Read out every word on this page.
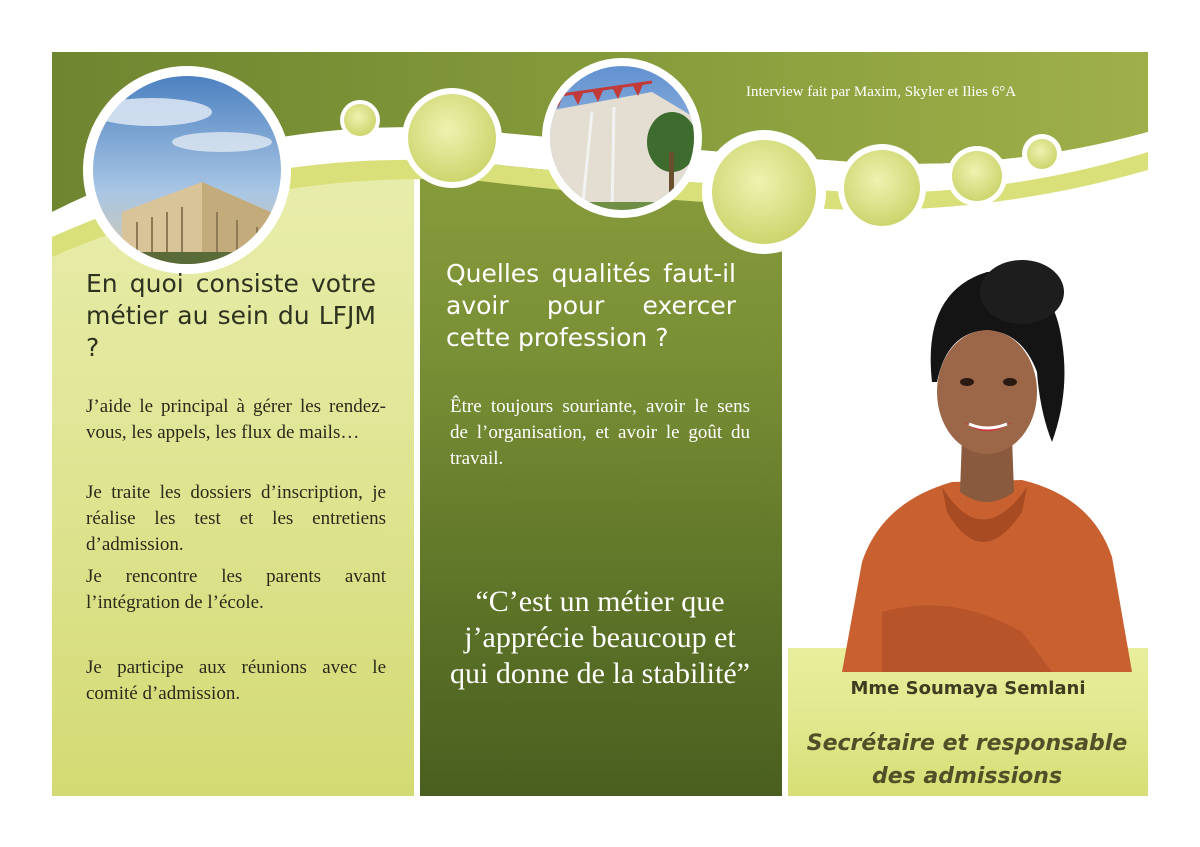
Interview fait par Maxim, Skyler et Ilies 6°A
En quoi consiste votre métier au sein du LFJM ?
J’aide le principal à gérer les rendez-vous, les appels, les flux de mails…
Je traite les dossiers d’inscription, je réalise les test et les entretiens d’admission.
Je rencontre les parents avant l’intégration de l’école.
Je participe aux réunions avec le comité d’admission.
Quelles qualités faut-il avoir pour exercer cette profession ?
Être toujours souriante, avoir le sens de l’organisation, et avoir le goût du travail.
“C’est un métier que j’apprécie beaucoup et qui donne de la stabilité”	Mme Soumaya Semlani
Secrétaire et responsable des admissions
